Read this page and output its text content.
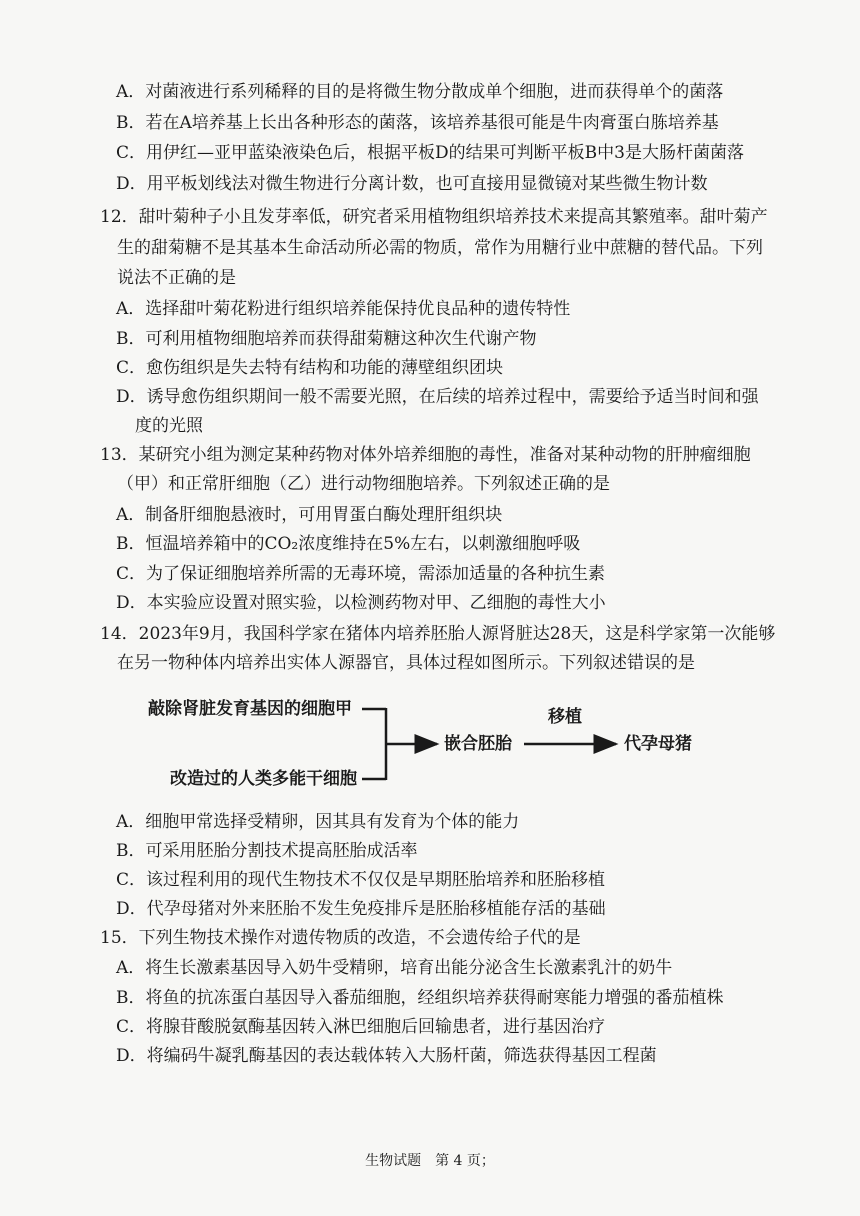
A．对菌液进行系列稀释的目的是将微生物分散成单个细胞，进而获得单个的菌落
B．若在A培养基上长出各种形态的菌落，该培养基很可能是牛肉膏蛋白胨培养基
C．用伊红—亚甲蓝染液染色后，根据平板D的结果可判断平板B中3是大肠杆菌菌落
D．用平板划线法对微生物进行分离计数，也可直接用显微镜对某些微生物计数
12．甜叶菊种子小且发芽率低，研究者采用植物组织培养技术来提高其繁殖率。甜叶菊产
生的甜菊糖不是其基本生命活动所必需的物质，常作为用糖行业中蔗糖的替代品。下列
说法不正确的是
A．选择甜叶菊花粉进行组织培养能保持优良品种的遗传特性
B．可利用植物细胞培养而获得甜菊糖这种次生代谢产物
C．愈伤组织是失去特有结构和功能的薄壁组织团块
D．诱导愈伤组织期间一般不需要光照，在后续的培养过程中，需要给予适当时间和强
度的光照
13．某研究小组为测定某种药物对体外培养细胞的毒性，准备对某种动物的肝肿瘤细胞
（甲）和正常肝细胞（乙）进行动物细胞培养。下列叙述正确的是
A．制备肝细胞悬液时，可用胃蛋白酶处理肝组织块
B．恒温培养箱中的CO₂浓度维持在5%左右，以刺激细胞呼吸
C．为了保证细胞培养所需的无毒环境，需添加适量的各种抗生素
D．本实验应设置对照实验，以检测药物对甲、乙细胞的毒性大小
14．2023年9月，我国科学家在猪体内培养胚胎人源肾脏达28天，这是科学家第一次能够
在另一物种体内培养出实体人源器官，具体过程如图所示。下列叙述错误的是
敲除肾脏发育基因的细胞甲
改造过的人类多能干细胞
嵌合胚胎
移植
代孕母猪
A．细胞甲常选择受精卵，因其具有发育为个体的能力
B．可采用胚胎分割技术提高胚胎成活率
C．该过程利用的现代生物技术不仅仅是早期胚胎培养和胚胎移植
D．代孕母猪对外来胚胎不发生免疫排斥是胚胎移植能存活的基础
15．下列生物技术操作对遗传物质的改造，不会遗传给子代的是
A．将生长激素基因导入奶牛受精卵，培育出能分泌含生长激素乳汁的奶牛
B．将鱼的抗冻蛋白基因导入番茄细胞，经组织培养获得耐寒能力增强的番茄植株
C．将腺苷酸脱氨酶基因转入淋巴细胞后回输患者，进行基因治疗
D．将编码牛凝乳酶基因的表达载体转入大肠杆菌，筛选获得基因工程菌
生物试题　第 4 页；
